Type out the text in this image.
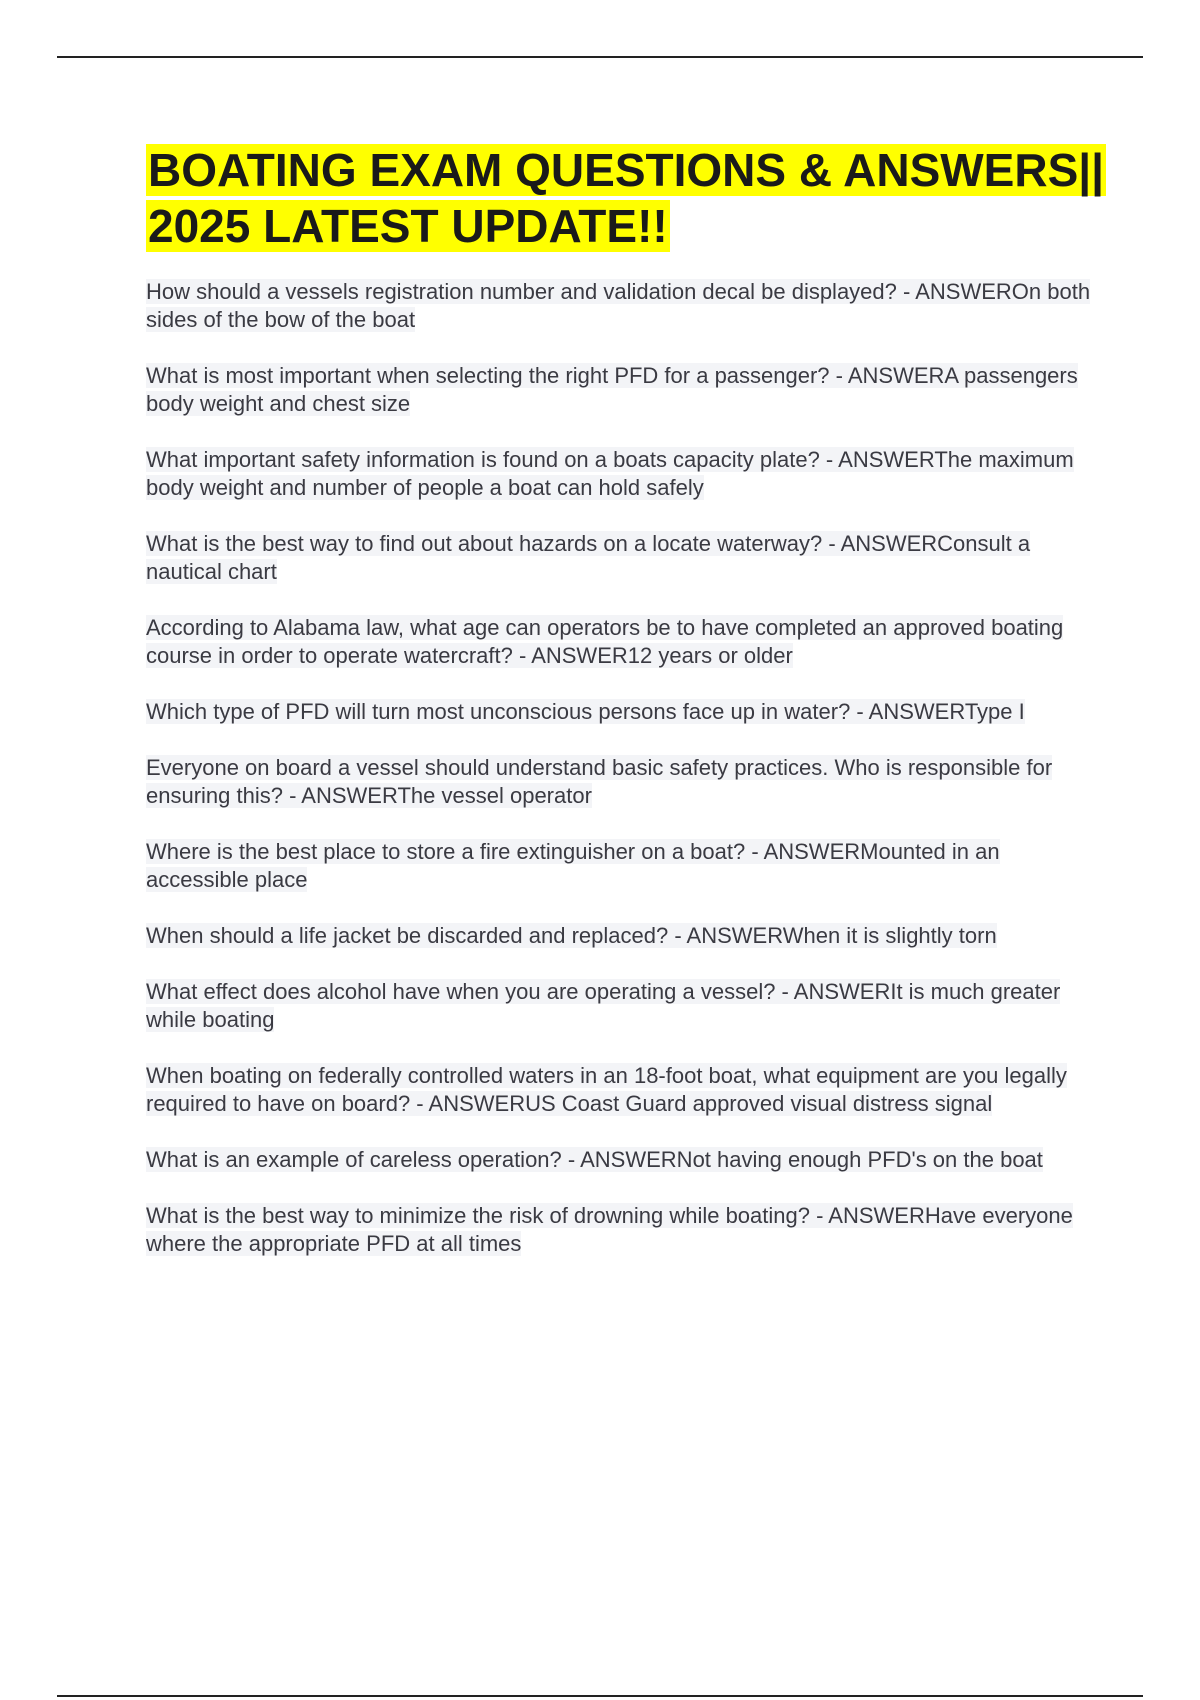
BOATING EXAM QUESTIONS & ANSWERS|| 2025 LATEST UPDATE!!
How should a vessels registration number and validation decal be displayed? - ANSWEROn both sides of the bow of the boat
What is most important when selecting the right PFD for a passenger? - ANSWERA passengers body weight and chest size
What important safety information is found on a boats capacity plate? - ANSWERThe maximum body weight and number of people a boat can hold safely
What is the best way to find out about hazards on a locate waterway? - ANSWERConsult a nautical chart
According to Alabama law, what age can operators be to have completed an approved boating course in order to operate watercraft? - ANSWER12 years or older
Which type of PFD will turn most unconscious persons face up in water? - ANSWERType I
Everyone on board a vessel should understand basic safety practices. Who is responsible for ensuring this? - ANSWERThe vessel operator
Where is the best place to store a fire extinguisher on a boat? - ANSWERMounted in an accessible place
When should a life jacket be discarded and replaced? - ANSWERWhen it is slightly torn
What effect does alcohol have when you are operating a vessel? - ANSWERIt is much greater while boating
When boating on federally controlled waters in an 18-foot boat, what equipment are you legally required to have on board? - ANSWERUS Coast Guard approved visual distress signal
What is an example of careless operation? - ANSWERNot having enough PFD's on the boat
What is the best way to minimize the risk of drowning while boating? - ANSWERHave everyone where the appropriate PFD at all times
